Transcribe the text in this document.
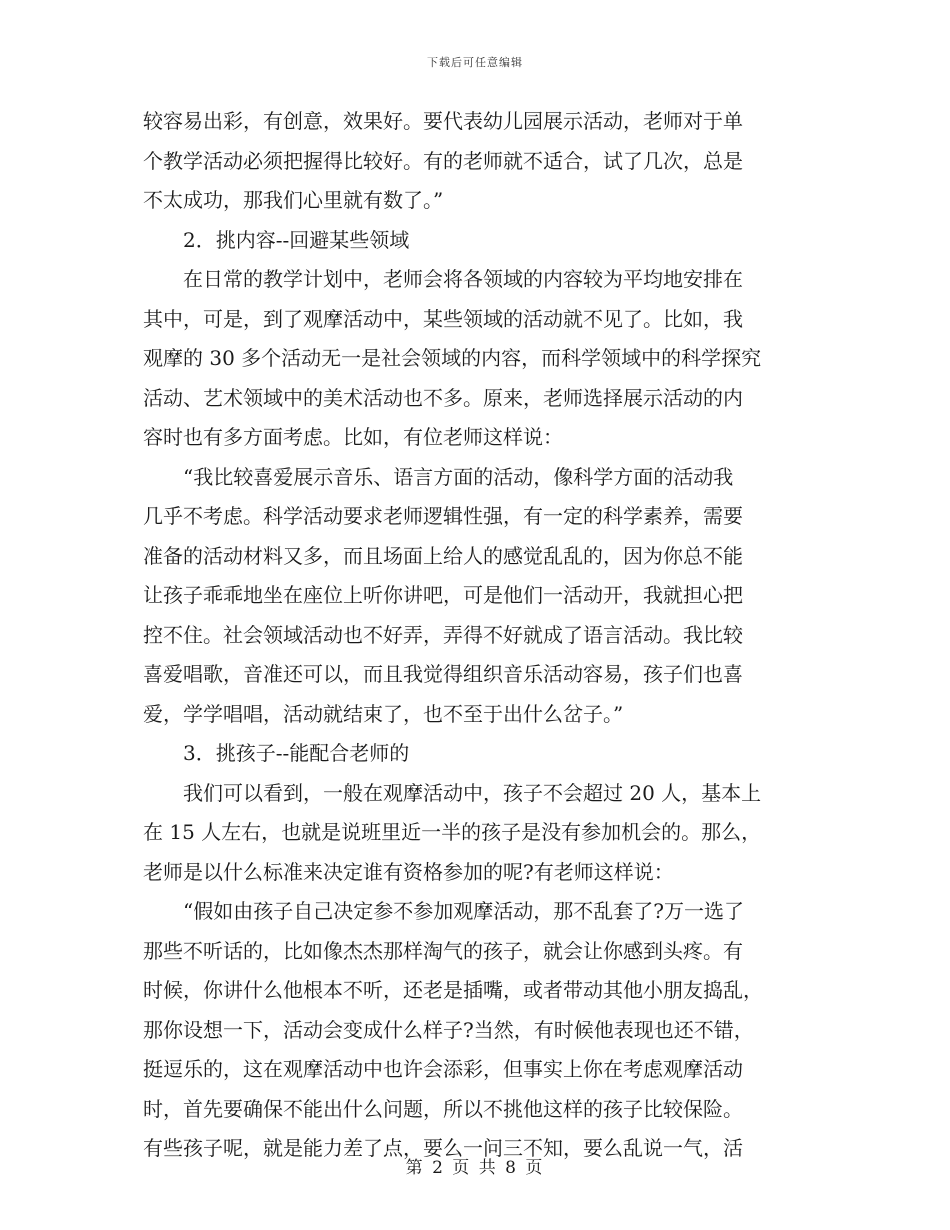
下载后可任意编辑
较容易出彩，有创意，效果好。要代表幼儿园展示活动，老师对于单
个教学活动必须把握得比较好。有的老师就不适合，试了几次，总是
不太成功，那我们心里就有数了。”
2．挑内容--回避某些领域
在日常的教学计划中，老师会将各领域的内容较为平均地安排在
其中，可是，到了观摩活动中，某些领域的活动就不见了。比如，我
观摩的 30 多个活动无一是社会领域的内容，而科学领域中的科学探究
活动、艺术领域中的美术活动也不多。原来，老师选择展示活动的内
容时也有多方面考虑。比如，有位老师这样说：
“我比较喜爱展示音乐、语言方面的活动，像科学方面的活动我
几乎不考虑。科学活动要求老师逻辑性强，有一定的科学素养，需要
准备的活动材料又多，而且场面上给人的感觉乱乱的，因为你总不能
让孩子乖乖地坐在座位上听你讲吧，可是他们一活动开，我就担心把
控不住。社会领域活动也不好弄，弄得不好就成了语言活动。我比较
喜爱唱歌，音准还可以，而且我觉得组织音乐活动容易，孩子们也喜
爱，学学唱唱，活动就结束了，也不至于出什么岔子。”
3．挑孩子--能配合老师的
我们可以看到，一般在观摩活动中，孩子不会超过 20 人，基本上
在 15 人左右，也就是说班里近一半的孩子是没有参加机会的。那么，
老师是以什么标准来决定谁有资格参加的呢?有老师这样说：
“假如由孩子自己决定参不参加观摩活动，那不乱套了?万一选了
那些不听话的，比如像杰杰那样淘气的孩子，就会让你感到头疼。有
时候，你讲什么他根本不听，还老是插嘴，或者带动其他小朋友捣乱，
那你设想一下，活动会变成什么样子?当然，有时候他表现也还不错，
挺逗乐的，这在观摩活动中也许会添彩，但事实上你在考虑观摩活动
时，首先要确保不能出什么问题，所以不挑他这样的孩子比较保险。
有些孩子呢，就是能力差了点，要么一问三不知，要么乱说一气，活
第 2 页 共 8 页
